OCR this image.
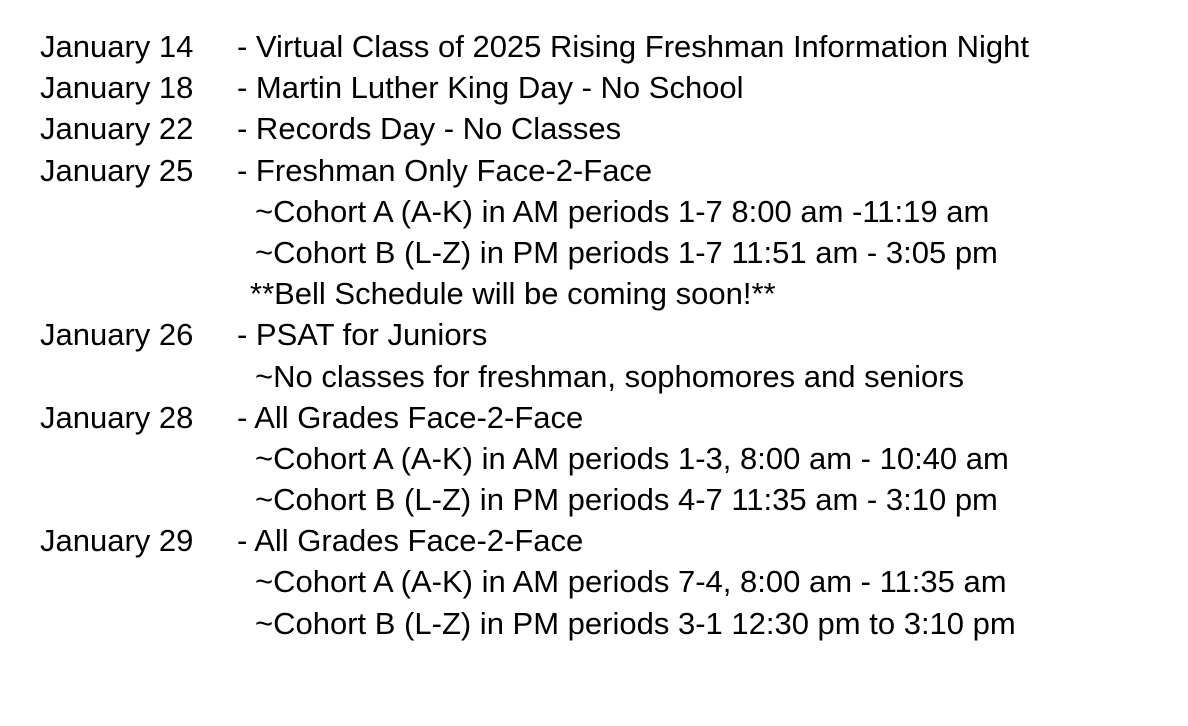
January 14

- Virtual Class of 2025 Rising Freshman Information Night

January 18

- Martin Luther King Day - No School

January 22

- Records Day - No Classes

January 25

- Freshman Only Face-2-Face

~Cohort A (A-K) in AM periods 1-7 8:00 am -11:19 am

~Cohort B (L-Z) in PM periods 1-7 11:51 am - 3:05 pm

**Bell Schedule will be coming soon!**

January 26

- PSAT for Juniors

~No classes for freshman, sophomores and seniors

January 28

- All Grades Face-2-Face

~Cohort A (A-K) in AM periods 1-3, 8:00 am - 10:40 am

~Cohort B (L-Z) in PM periods 4-7 11:35 am - 3:10 pm

January 29

- All Grades Face-2-Face

~Cohort A (A-K) in AM periods 7-4, 8:00 am - 11:35 am

~Cohort B (L-Z) in PM periods 3-1 12:30 pm to 3:10 pm
